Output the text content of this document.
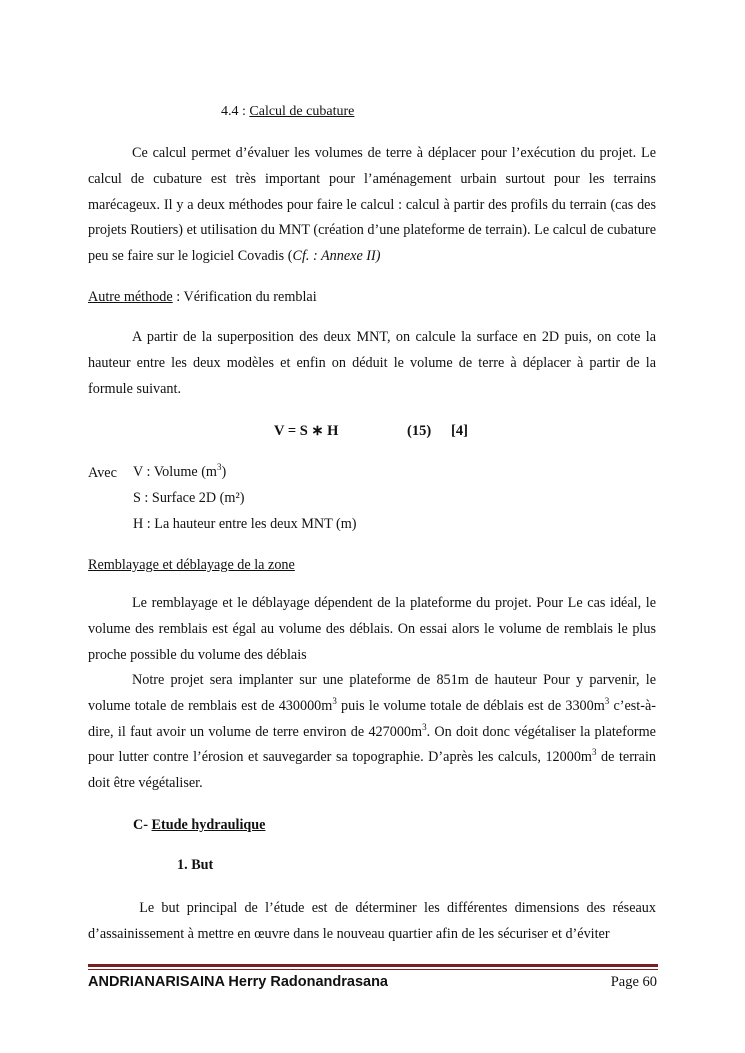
4.4 : Calcul de cubature

Ce calcul permet d’évaluer les volumes de terre à déplacer pour l’exécution du projet. Le calcul de cubature est très important pour l’aménagement urbain surtout pour les terrains marécageux. Il y a deux méthodes pour faire le calcul : calcul à partir des profils du terrain (cas des projets Routiers) et utilisation du MNT (création d’une plateforme de terrain). Le calcul de cubature peu se faire sur le logiciel Covadis (Cf. : Annexe II)

Autre méthode : Vérification du remblai

A partir de la superposition des deux MNT, on calcule la surface en 2D puis, on cote la hauteur entre les deux modèles et enfin on déduit le volume de terre à déplacer à partir de la formule suivant.

V = S ∗ H	(15) [4]
Avec V : Volume $(m^3)$
S : Surface 2D (m²)
H : La hauteur entre les deux MNT (m)
Remblayage et déblayage de la zone

Le remblayage et le déblayage dépendent de la plateforme du projet. Pour Le cas idéal, le volume des remblais est égal au volume des déblais. On essai alors le volume de remblais le plus proche possible du volume des déblais

Notre projet sera implanter sur une plateforme de 851m de hauteur Pour y parvenir, le volume totale de remblais est de $430000m^3$ puis le volume totale de déblais est de $3300m^3$ c’est-à-dire, il faut avoir un volume de terre environ de $427000m^3$. On doit donc végétaliser la plateforme pour lutter contre l’érosion et sauvegarder sa topographie. D’après les calculs, $12000m^3$ de terrain doit être végétaliser.

C- Etude hydraulique
1. But

Le but principal de l’étude est de déterminer les différentes dimensions des réseaux d’assainissement à mettre en œuvre dans le nouveau quartier afin de les sécuriser et d’éviter

ANDRIANARISAINA Herry Radonandrasana	Page 60
